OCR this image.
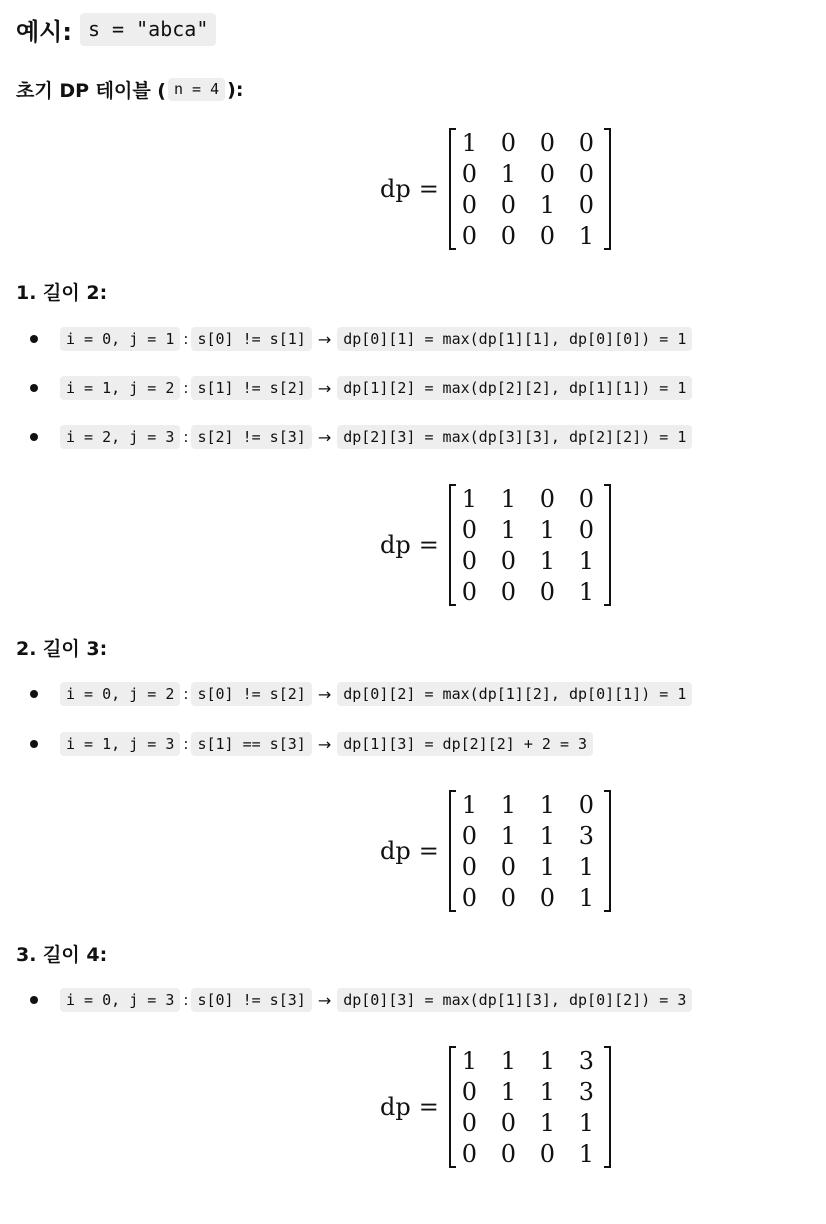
예시: s = "abca"
초기 DP 테이블 ( n = 4 ):
dp =
1 0 0 0
0 1 0 0
0 0 1 0
0 0 0 1
1. 길이 2:
i = 0, j = 1 : s[0] != s[1] → dp[0][1] = max(dp[1][1], dp[0][0]) = 1
i = 1, j = 2 : s[1] != s[2] → dp[1][2] = max(dp[2][2], dp[1][1]) = 1
i = 2, j = 3 : s[2] != s[3] → dp[2][3] = max(dp[3][3], dp[2][2]) = 1
dp =
1 1 0 0
0 1 1 0
0 0 1 1
0 0 0 1
2. 길이 3:
i = 0, j = 2 : s[0] != s[2] → dp[0][2] = max(dp[1][2], dp[0][1]) = 1
i = 1, j = 3 : s[1] == s[3] → dp[1][3] = dp[2][2] + 2 = 3
dp =
1 1 1 0
0 1 1 3
0 0 1 1
0 0 0 1
3. 길이 4:
i = 0, j = 3 : s[0] != s[3] → dp[0][3] = max(dp[1][3], dp[0][2]) = 3
dp =
1 1 1 3
0 1 1 3
0 0 1 1
0 0 0 1
